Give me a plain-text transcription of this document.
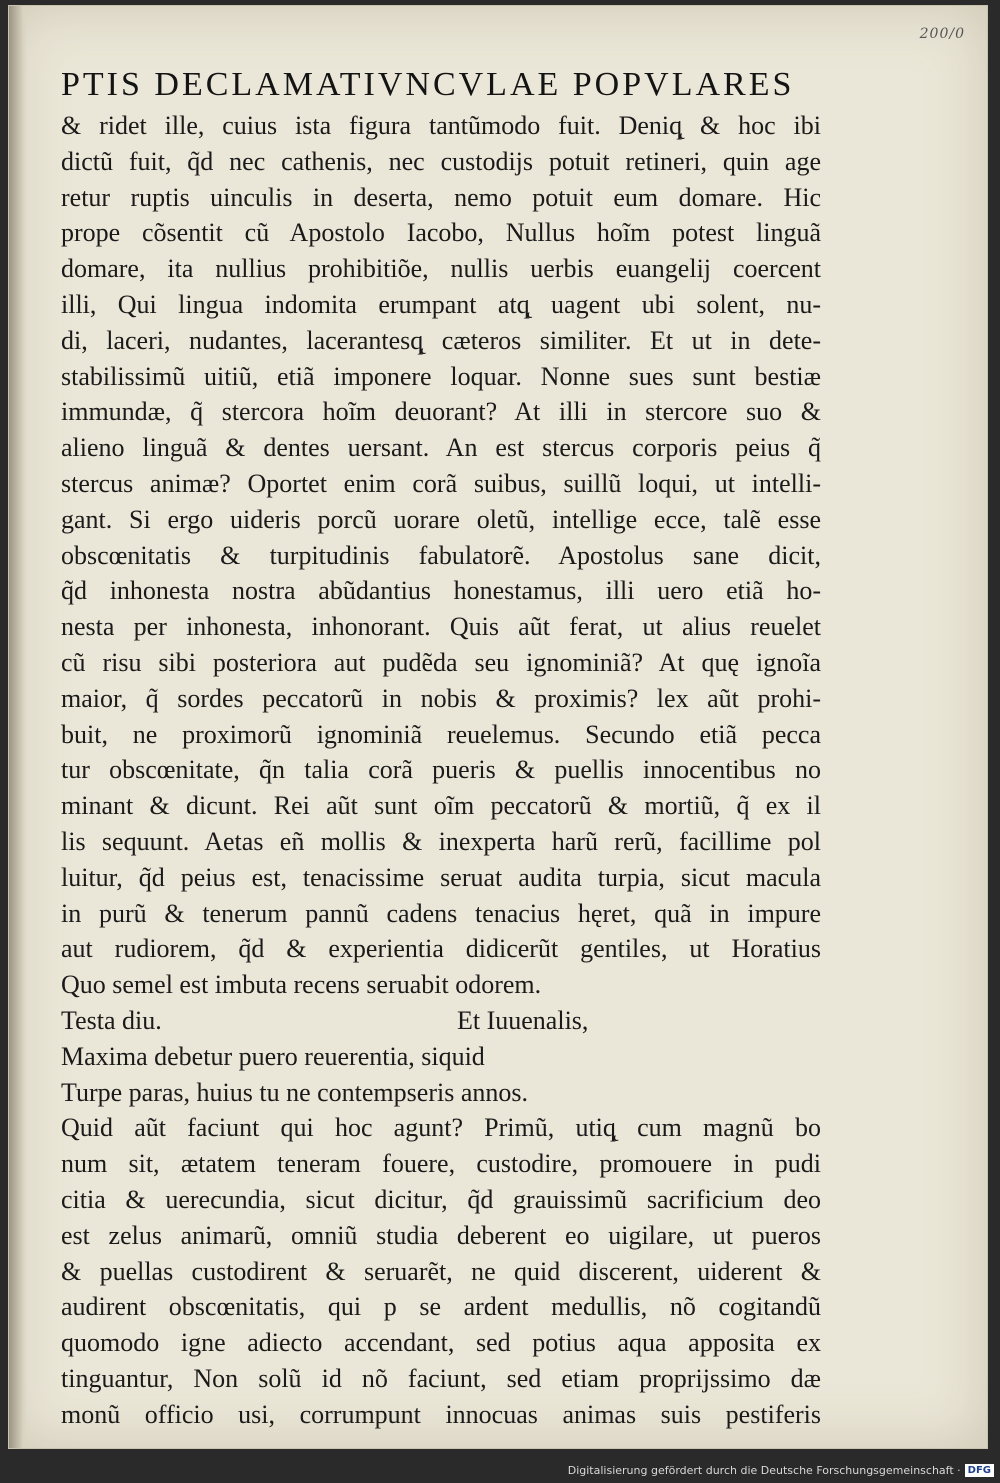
200/0
PTIS DECLAMATIVNCVLAE POPVLARES
& ridet ille, cuius ista figura tantũmodo fuit. Deniq̨ & hoc ibi
dictũ fuit, q̃d nec cathenis, nec custodijs potuit retineri, quin age
retur ruptis uinculis in deserta, nemo potuit eum domare. Hic
prope cõsentit cũ Apostolo Iacobo, Nullus hoĩm potest linguã
domare, ita nullius prohibitiõe, nullis uerbis euangelij coercent
illi, Qui lingua indomita erumpant atq̨ uagent ubi solent, nu-
di, laceri, nudantes, lacerantesq̨ cæteros similiter. Et ut in dete-
stabilissimũ uitiũ, etiã imponere loquar. Nonne sues sunt bestiæ
immundæ, q̃ stercora hoĩm deuorant? At illi in stercore suo &
alieno linguã & dentes uersant. An est stercus corporis peius q̃
stercus animæ? Oportet enim corã suibus, suillũ loqui, ut intelli-
gant. Si ergo uideris porcũ uorare oletũ, intellige ecce, talẽ esse
obscœnitatis & turpitudinis fabulatorẽ. Apostolus sane dicit,
q̃d inhonesta nostra abũdantius honestamus, illi uero etiã ho-
nesta per inhonesta, inhonorant. Quis aũt ferat, ut alius reuelet
cũ risu sibi posteriora aut pudẽda seu ignominiã? At quę ignoĩa
maior, q̃ sordes peccatorũ in nobis & proximis? lex aũt prohi-
buit, ne proximorũ ignominiã reuelemus. Secundo etiã pecca
tur obscœnitate, q̃n talia corã pueris & puellis innocentibus no
minant & dicunt. Rei aũt sunt oĩm peccatorũ & mortiũ, q̃ ex il
lis sequunt. Aetas eñ mollis & inexperta harũ rerũ, facillime pol
luitur, q̃d peius est, tenacissime seruat audita turpia, sicut macula
in purũ & tenerum pannũ cadens tenacius hęret, quã in impure
aut rudiorem, q̃d & experientia didicerũt gentiles, ut Horatius
Quo semel est imbuta recens seruabit odorem.
Testa diu.	Et Iuuenalis,
Maxima debetur puero reuerentia, siquid
Turpe paras, huius tu ne contempseris annos.
Quid aũt faciunt qui hoc agunt? Primũ, utiq̨ cum magnũ bo
num sit, ætatem teneram fouere, custodire, promouere in pudi
citia & uerecundia, sicut dicitur, q̃d grauissimũ sacrificium deo
est zelus animarũ, omniũ studia deberent eo uigilare, ut pueros
& puellas custodirent & seruarẽt, ne quid discerent, uiderent &
audirent obscœnitatis, qui p se ardent medullis, nõ cogitandũ
quomodo igne adiecto accendant, sed potius aqua apposita ex
tinguantur, Non solũ id nõ faciunt, sed etiam proprijssimo dæ
monũ officio usi, corrumpunt innocuas animas suis pestiferis
Digitalisierung gefördert durch die Deutsche Forschungsgemeinschaft · DFG
